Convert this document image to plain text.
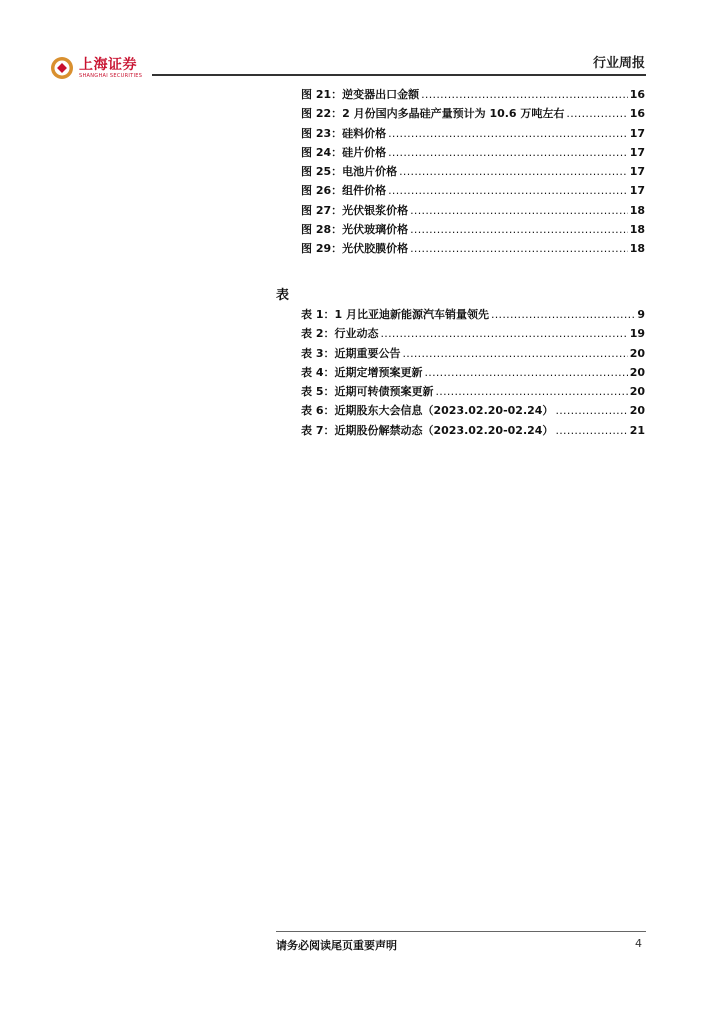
上海证券
SHANGHAI SECURITIES
行业周报
图 21：逆变器出口金额 .....	16
图 22：2 月份国内多晶硅产量预计为 10.6 万吨左右 .....	16
图 23：硅料价格 .....	17
图 24：硅片价格 .....	17
图 25：电池片价格 .....	17
图 26：组件价格 .....	17
图 27：光伏银浆价格 .....	18
图 28：光伏玻璃价格 .....	18
图 29：光伏胶膜价格 .....	18
表
表 1：1 月比亚迪新能源汽车销量领先 .....	9
表 2：行业动态 .....	19
表 3：近期重要公告 .....	20
表 4：近期定增预案更新 .....	20
表 5：近期可转债预案更新 .....	20
表 6：近期股东大会信息（2023.02.20-02.24） .....	20
表 7：近期股份解禁动态（2023.02.20-02.24） .....	21
请务必阅读尾页重要声明	4
